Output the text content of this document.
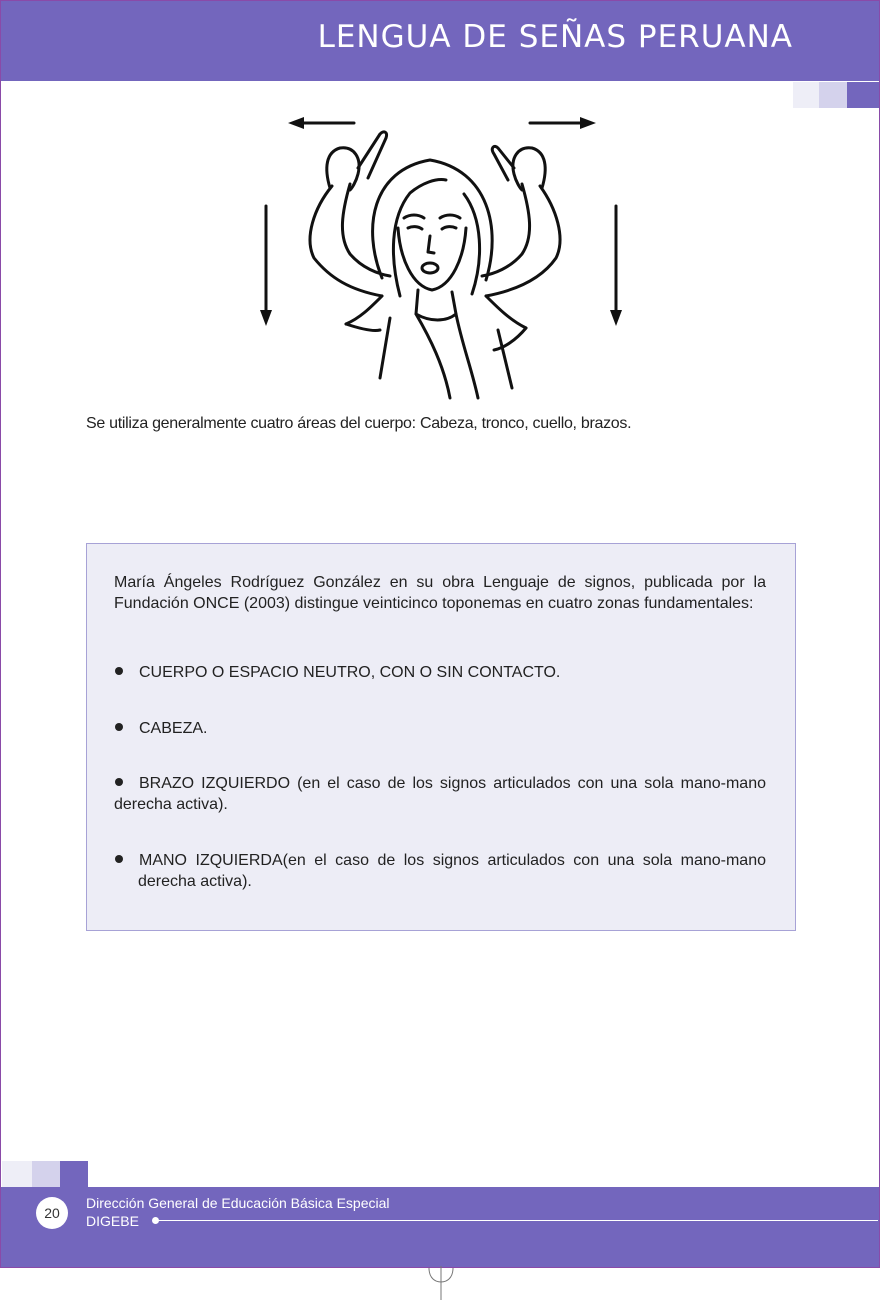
LENGUA DE SEÑAS PERUANA

Se utiliza generalmente cuatro áreas del cuerpo: Cabeza, tronco, cuello, brazos.

María Ángeles Rodríguez González en su obra Lenguaje de signos, publicada por la Fundación ONCE (2003) distingue veinticinco toponemas en cuatro zonas fundamentales:

CUERPO O ESPACIO NEUTRO, CON O SIN CONTACTO.
CABEZA.
BRAZO IZQUIERDO (en el caso de los signos articulados con una sola mano-mano derecha activa).
MANO IZQUIERDA(en el caso de los signos articulados con una sola mano-mano derecha activa).
20

Dirección General de Educación Básica Especial

DIGEBE
